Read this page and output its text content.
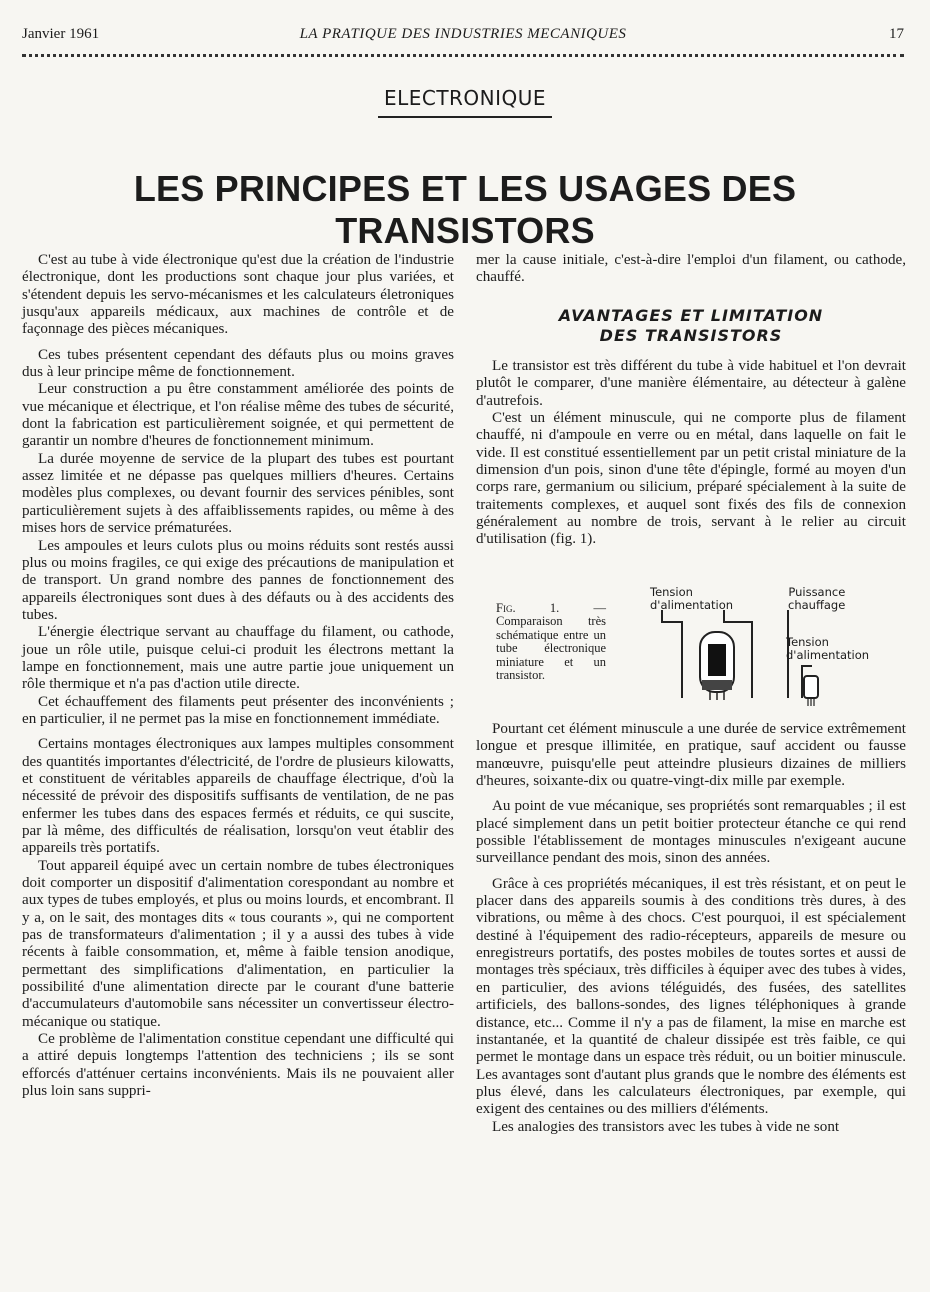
Janvier 1961	LA PRATIQUE DES INDUSTRIES MECANIQUES	17
ELECTRONIQUE
LES PRINCIPES ET LES USAGES DES TRANSISTORS

C'est au tube à vide électronique qu'est due la création de l'industrie électronique, dont les productions sont chaque jour plus variées, et s'étendent depuis les servo-mécanismes et les calculateurs életroniques jusqu'aux appareils médicaux, aux machines de contrôle et de façonnage des pièces mécaniques.

Ces tubes présentent cependant des défauts plus ou moins graves dus à leur principe même de fonctionnement.

Leur construction a pu être constamment améliorée des points de vue mécanique et électrique, et l'on réalise même des tubes de sécurité, dont la fabrication est particulièrement soignée, et qui permettent de garantir un nombre d'heures de fonctionnement minimum.

La durée moyenne de service de la plupart des tubes est pourtant assez limitée et ne dépasse pas quelques milliers d'heures. Certains modèles plus complexes, ou devant fournir des services pénibles, sont particulièrement sujets à des affaiblissements rapides, ou même à des mises hors de service prématurées.

Les ampoules et leurs culots plus ou moins réduits sont restés aussi plus ou moins fragiles, ce qui exige des précautions de manipulation et de transport. Un grand nombre des pannes de fonctionnement des appareils électroniques sont dues à des défauts ou à des accidents des tubes.

L'énergie électrique servant au chauffage du filament, ou cathode, joue un rôle utile, puisque celui-ci produit les électrons mettant la lampe en fonctionnement, mais une autre partie joue uniquement un rôle thermique et n'a pas d'action utile directe.

Cet échauffement des filaments peut présenter des inconvénients ; en particulier, il ne permet pas la mise en fonctionnement immédiate.

Certains montages électroniques aux lampes multiples consomment des quantités importantes d'électricité, de l'ordre de plusieurs kilowatts, et constituent de véritables appareils de chauffage électrique, d'où la nécessité de prévoir des dispositifs suffisants de ventilation, de ne pas enfermer les tubes dans des espaces fermés et réduits, ce qui suscite, par là même, des difficultés de réalisation, lorsqu'on veut établir des appareils très portatifs.

Tout appareil équipé avec un certain nombre de tubes électroniques doit comporter un dispositif d'alimentation corespondant au nombre et aux types de tubes employés, et plus ou moins lourds, et encombrant. Il y a, on le sait, des montages dits « tous courants », qui ne comportent pas de transformateurs d'alimentation ; il y a aussi des tubes à vide récents à faible consommation, et, même à faible tension anodique, permettant des simplifications d'alimentation, en particulier la possibilité d'une alimentation directe par le courant d'une batterie d'accumulateurs d'automobile sans nécessiter un convertisseur électro-mécanique ou statique.

Ce problème de l'alimentation constitue cependant une difficulté qui a attiré depuis longtemps l'attention des techniciens ; ils se sont efforcés d'atténuer certains inconvénients. Mais ils ne pouvaient aller plus loin sans suppri-

mer la cause initiale, c'est-à-dire l'emploi d'un filament, ou cathode, chauffé.

AVANTAGES ET LIMITATION
DES TRANSISTORS

Le transistor est très différent du tube à vide habituel et l'on devrait plutôt le comparer, d'une manière élémentaire, au détecteur à galène d'autrefois.

C'est un élément minuscule, qui ne comporte plus de filament chauffé, ni d'ampoule en verre ou en métal, dans laquelle on fait le vide. Il est constitué essentiellement par un petit cristal miniature de la dimension d'un pois, sinon d'une tête d'épingle, formé au moyen d'un corps rare, germanium ou silicium, préparé spécialement à la suite de traitements complexes, et auquel sont fixés des fils de connexion généralement au nombre de trois, servant à le relier au circuit d'utilisation (fig. 1).

Fig. 1.	— Comparaison très schématique entre un tube électronique miniature et un transistor.
Tension
d'alimentation
Puissance
chauffage
Tension
d'alimentation

Pourtant cet élément minuscule a une durée de service extrêmement longue et presque illimitée, en pratique, sauf accident ou fausse manœuvre, puisqu'elle peut atteindre plusieurs dizaines de milliers d'heures, soixante-dix ou quatre-vingt-dix mille par exemple.

Au point de vue mécanique, ses propriétés sont remarquables ; il est placé simplement dans un petit boitier protecteur étanche ce qui rend possible l'établissement de montages minuscules n'exigeant aucune surveillance pendant des mois, sinon des années.

Grâce à ces propriétés mécaniques, il est très résistant, et on peut le placer dans des appareils soumis à des conditions très dures, à des vibrations, ou même à des chocs. C'est pourquoi, il est spécialement destiné à l'équipement des radio-récepteurs, appareils de mesure ou enregistreurs portatifs, des postes mobiles de toutes sortes et aussi de montages très spéciaux, très difficiles à équiper avec des tubes à vides, en particulier, des avions téléguidés, des fusées, des satellites artificiels, des ballons-sondes, des lignes téléphoniques à grande distance, etc... Comme il n'y a pas de filament, la mise en marche est instantanée, et la quantité de chaleur dissipée est très faible, ce qui permet le montage dans un espace très réduit, ou un boitier minuscule. Les avantages sont d'autant plus grands que le nombre des éléments est plus élevé, dans les calculateurs électroniques, par exemple, qui exigent des centaines ou des milliers d'éléments.

Les analogies des transistors avec les tubes à vide ne sont
